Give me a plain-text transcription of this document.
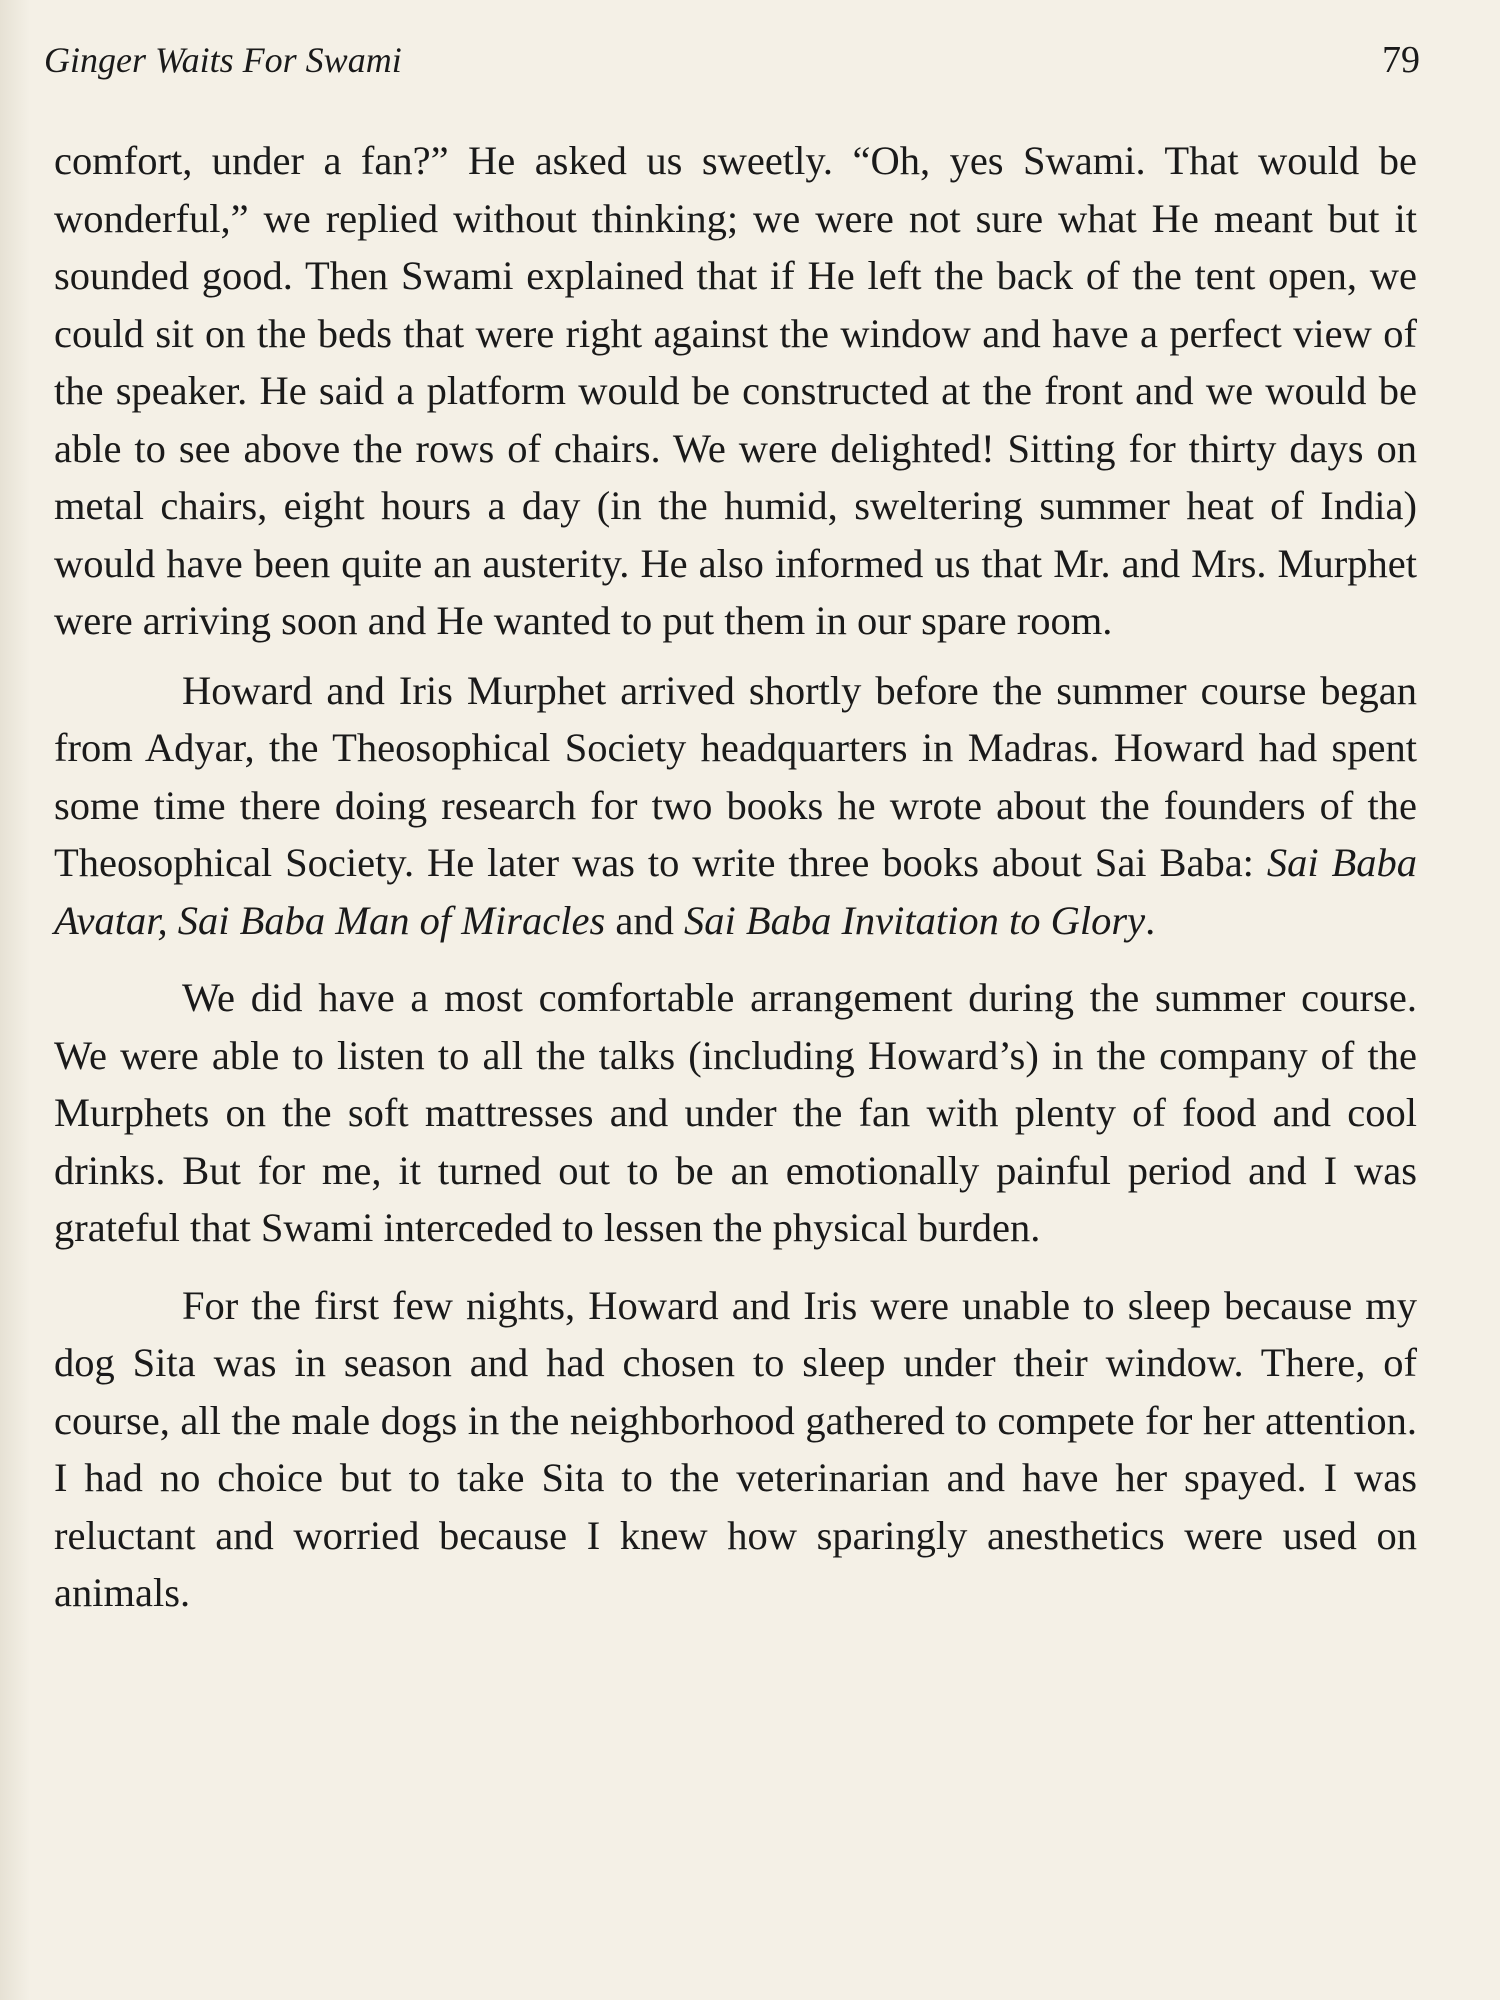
Ginger Waits For Swami	79

comfort, under a fan?” He asked us sweetly. “Oh, yes Swami. That would be wonderful,” we replied without thinking; we were not sure what He meant but it sounded good. Then Swami explained that if He left the back of the tent open, we could sit on the beds that were right against the window and have a perfect view of the speaker. He said a platform would be constructed at the front and we would be able to see above the rows of chairs. We were delighted! Sitting for thirty days on metal chairs, eight hours a day (in the humid, sweltering summer heat of India) would have been quite an austerity. He also informed us that Mr. and Mrs. Murphet were arriving soon and He wanted to put them in our spare room.

Howard and Iris Murphet arrived shortly before the summer course began from Adyar, the Theosophical Society headquarters in Madras. Howard had spent some time there doing research for two books he wrote about the founders of the Theosophical Society. He later was to write three books about Sai Baba: Sai Baba Avatar, Sai Baba Man of Miracles and Sai Baba Invitation to Glory.

We did have a most comfortable arrangement during the summer course. We were able to listen to all the talks (including Howard’s) in the company of the Murphets on the soft mattresses and under the fan with plenty of food and cool drinks. But for me, it turned out to be an emotionally painful period and I was grateful that Swami interceded to lessen the physical burden.

For the first few nights, Howard and Iris were unable to sleep because my dog Sita was in season and had chosen to sleep under their window. There, of course, all the male dogs in the neighborhood gathered to compete for her attention. I had no choice but to take Sita to the veterinarian and have her spayed. I was reluctant and worried because I knew how sparingly anesthetics were used on animals.
